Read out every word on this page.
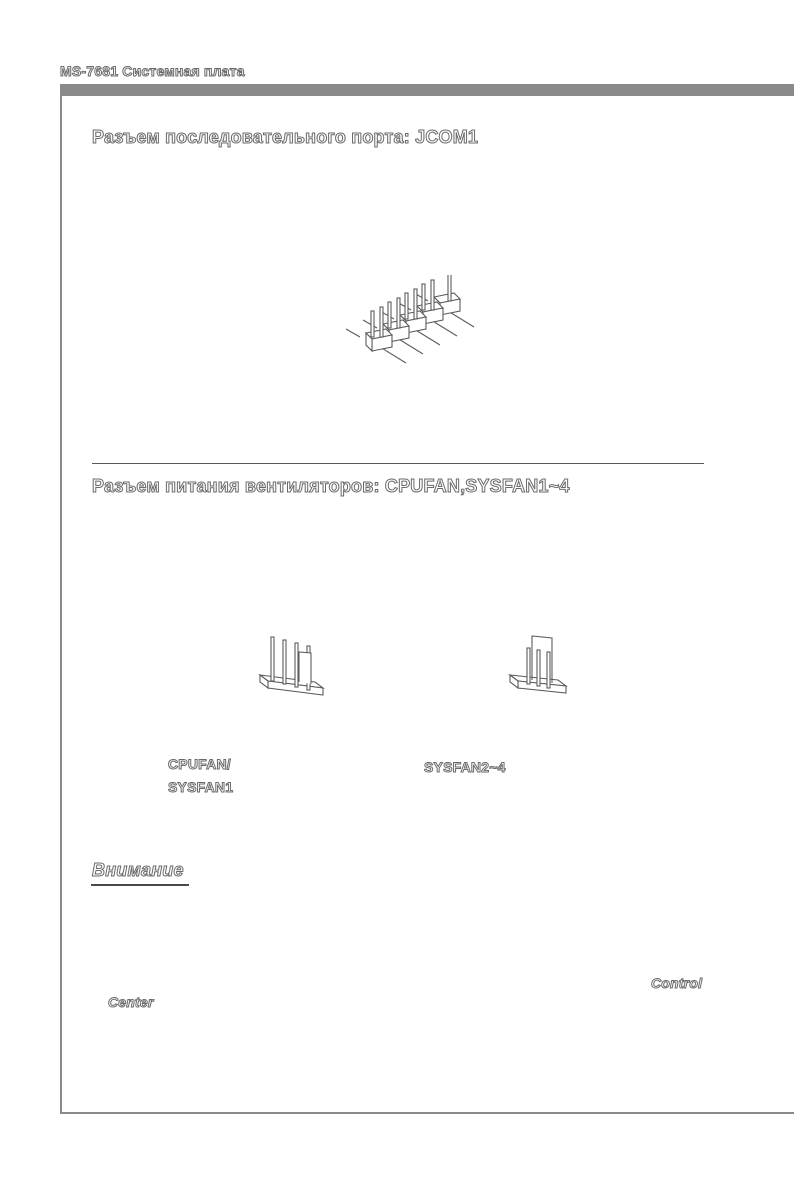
MS-7681 Системная плата
Разъем последовательного порта: JCOM1
Разъем питания вентиляторов: CPUFAN,SYSFAN1~4
CPUFAN/
SYSFAN1
SYSFAN2~4
Внимание
Control
Center
